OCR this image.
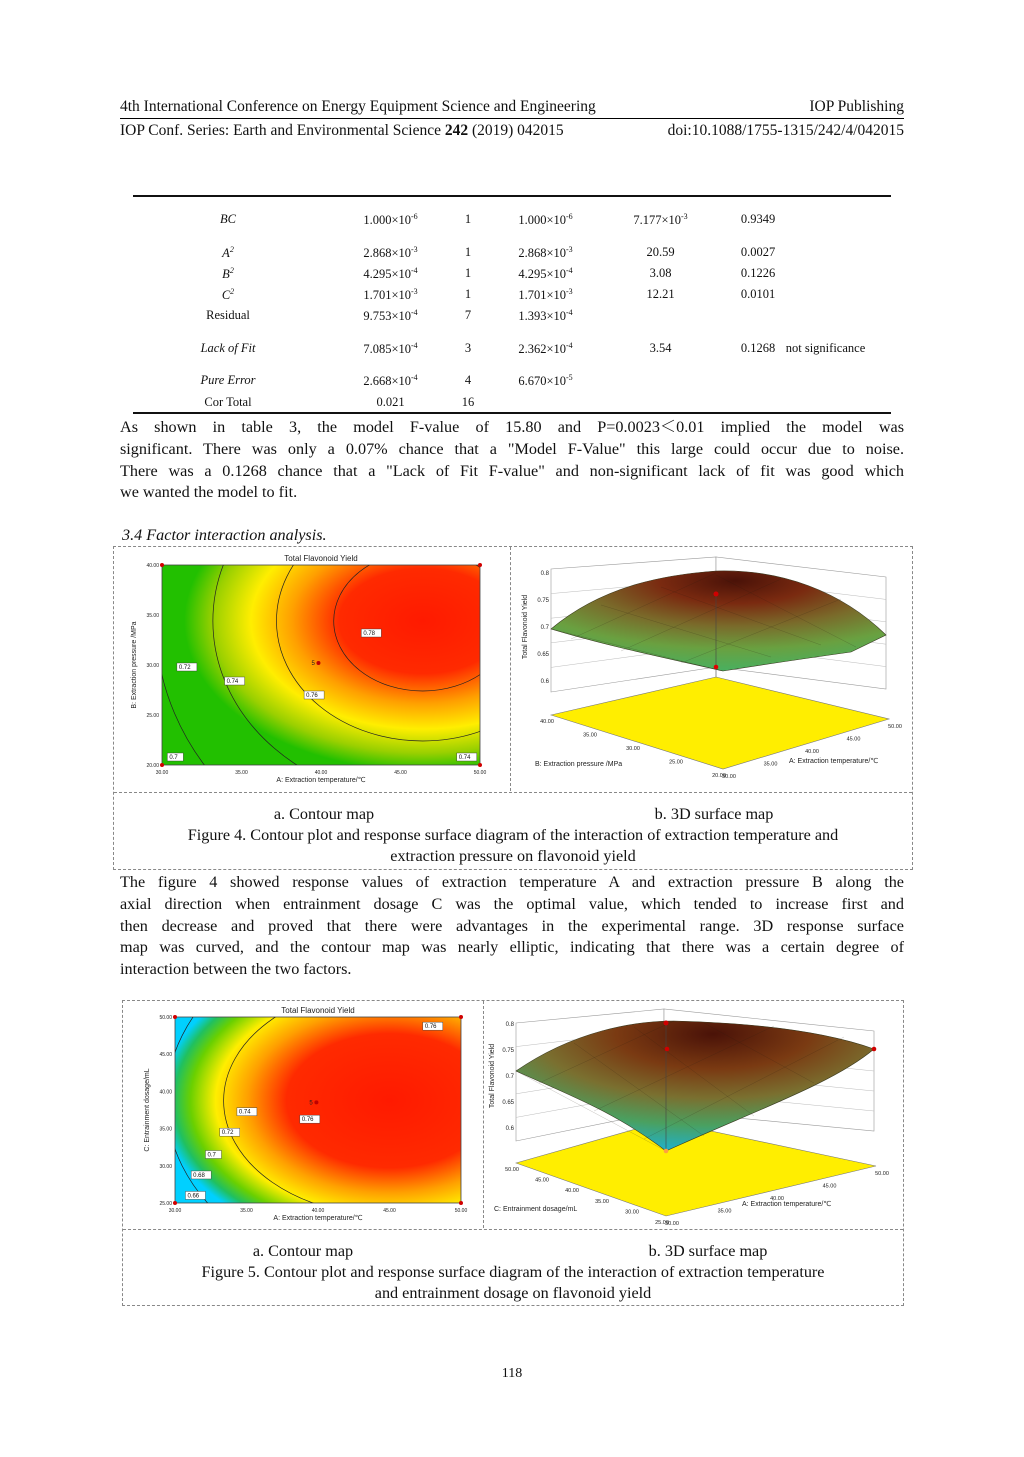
4th International Conference on Energy Equipment Science and Engineering	IOP Publishing
IOP Conf. Series: Earth and Environmental Science 242 (2019) 042015	doi:10.1088/1755-1315/242/4/042015
BC	$1.000\times 10^{-6}$	1	$1.000\times 10^{-6}$	$7.177\times 10^{-3}$	0.9349
$A^2$	$2.868\times 10^{-3}$	1	$2.868\times 10^{-3}$	20.59	0.0027
$B^2$	$4.295\times 10^{-4}$	1	$4.295\times 10^{-4}$	3.08	0.1226
$C^2$	$1.701\times 10^{-3}$	1	$1.701\times 10^{-3}$	12.21	0.0101
Residual	$9.753\times 10^{-4}$	7	$1.393\times 10^{-4}$
Lack of Fit	$7.085\times 10^{-4}$	3	$2.362\times 10^{-4}$	3.54	0.1268 not significance
Pure Error	$2.668\times 10^{-4}$	4	$6.670\times 10^{-5}$
Cor Total	0.021	16
As shown in table 3, the model F-value of 15.80 and P=0.0023＜0.01 implied the model was
significant. There was only a 0.07% chance that a "Model F-Value" this large could occur due to noise.
There was a 0.1268 chance that a "Lack of Fit F-value" and non-significant lack of fit was good which
we wanted the model to fit.
3.4 Factor interaction analysis.
Total Flavonoid Yield
0.7
0.72
0.74
0.76
0.78
0.74
5
30.00	35.00	40.00	45.00	50.00
20.00
25.00
30.00
35.00
40.00
A: Extraction temperature/℃
B: Extraction pressure /MPa
0.8
0.75
0.7
0.65
0.6
Total Flavonoid Yield
40.00
35.00
30.00
25.00
20.00
30.00
35.00
40.00
45.00
50.00
B: Extraction pressure /MPa	A: Extraction temperature/℃
a. Contour map	b. 3D surface map
Figure 4. Contour plot and response surface diagram of the interaction of extraction temperature and
extraction pressure on flavonoid yield
The figure 4 showed response values of extraction temperature A and extraction pressure B along the
axial direction when entrainment dosage C was the optimal value, which tended to increase first and
then decrease and proved that there were advantages in the experimental range. 3D response surface
map was curved, and the contour map was nearly elliptic, indicating that there was a certain degree of
interaction between the two factors.
Total Flavonoid Yield
0.66
0.68
0.7
0.72
0.74
0.76
0.76
5
30.00	35.00	40.00	45.00	50.00
25.00
30.00
35.00
40.00
45.00
50.00
A: Extraction temperature/℃
C: Entrainment dosage/mL
0.8
0.75
0.7
0.65
0.6
Total Flavonoid Yield
50.00
45.00
40.00
35.00
30.00
25.00
30.00
35.00
40.00
45.00
50.00
C: Entrainment dosage/mL
A: Extraction temperature/℃
a. Contour map	b. 3D surface map
Figure 5. Contour plot and response surface diagram of the interaction of extraction temperature
and entrainment dosage on flavonoid yield
118
